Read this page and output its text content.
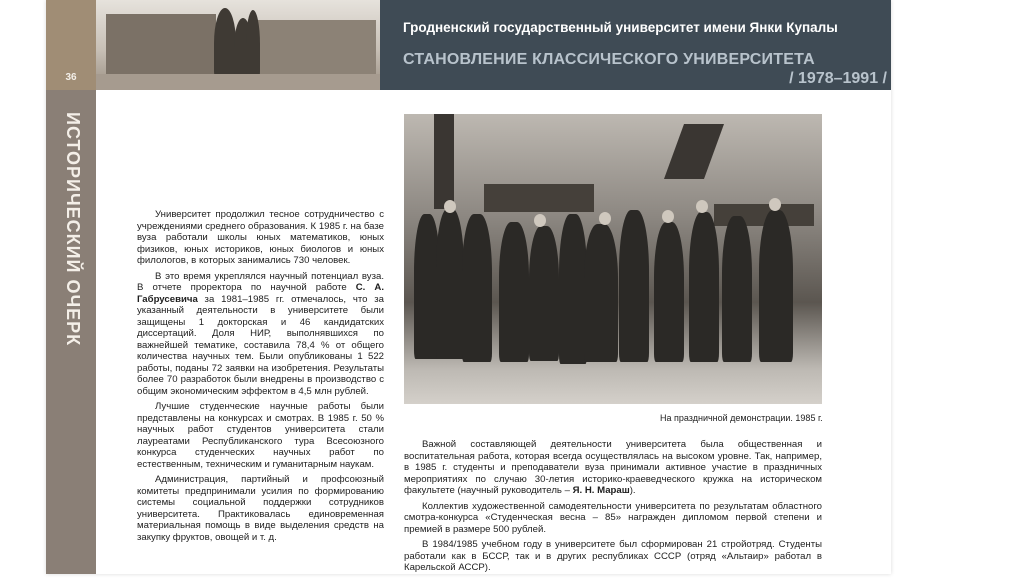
36
ИСТОРИЧЕСКИЙ ОЧЕРК
Гродненский государственный университет имени Янки Купалы
СТАНОВЛЕНИЕ КЛАССИЧЕСКОГО УНИВЕРСИТЕТА
/ 1978–1991 /

Университет продолжил тесное сотрудничество с учреждениями среднего образования. К 1985 г. на базе вуза работали школы юных математиков, юных физиков, юных историков, юных биологов и юных филологов, в которых занимались 730 человек.

В это время укреплялся научный потенциал вуза. В отчете проректора по научной работе С. А. Габрусевича за 1981–1985 гг. отмечалось, что за указанный деятельности в университете были защищены 1 докторская и 46 кандидатских диссертаций. Доля НИР, выполнявшихся по важнейшей тематике, составила 78,4 % от общего количества научных тем. Были опубликованы 1 522 работы, поданы 72 заявки на изобретения. Результаты более 70 разработок были внедрены в производство с общим экономическим эффектом в 4,5 млн рублей.

Лучшие студенческие научные работы были представлены на конкурсах и смотрах. В 1985 г. 50 % научных работ студентов университета стали лауреатами Республиканского тура Всесоюзного конкурса студенческих научных работ по естественным, техническим и гуманитарным наукам.

Администрация, партийный и профсоюзный комитеты предпринимали усилия по формированию системы социальной поддержки сотрудников университета. Практиковалась единовременная материальная помощь в виде выделения средств на закупку фруктов, овощей и т. д.

На праздничной демонстрации. 1985 г.

Важной составляющей деятельности университета была общественная и воспитательная работа, которая всегда осуществлялась на высоком уровне. Так, например, в 1985 г. студенты и преподаватели вуза принимали активное участие в праздничных мероприятиях по случаю 30-летия историко-краеведческого кружка на историческом факультете (научный руководитель – Я. Н. Мараш).

Коллектив художественной самодеятельности университета по результатам областного смотра-конкурса «Студенческая весна – 85» награжден дипломом первой степени и премией в размере 500 рублей.

В 1984/1985 учебном году в университете был сформирован 21 стройотряд. Студенты работали как в БССР, так и в других республиках СССР (отряд «Альтаир» работал в Карельской АССР).
